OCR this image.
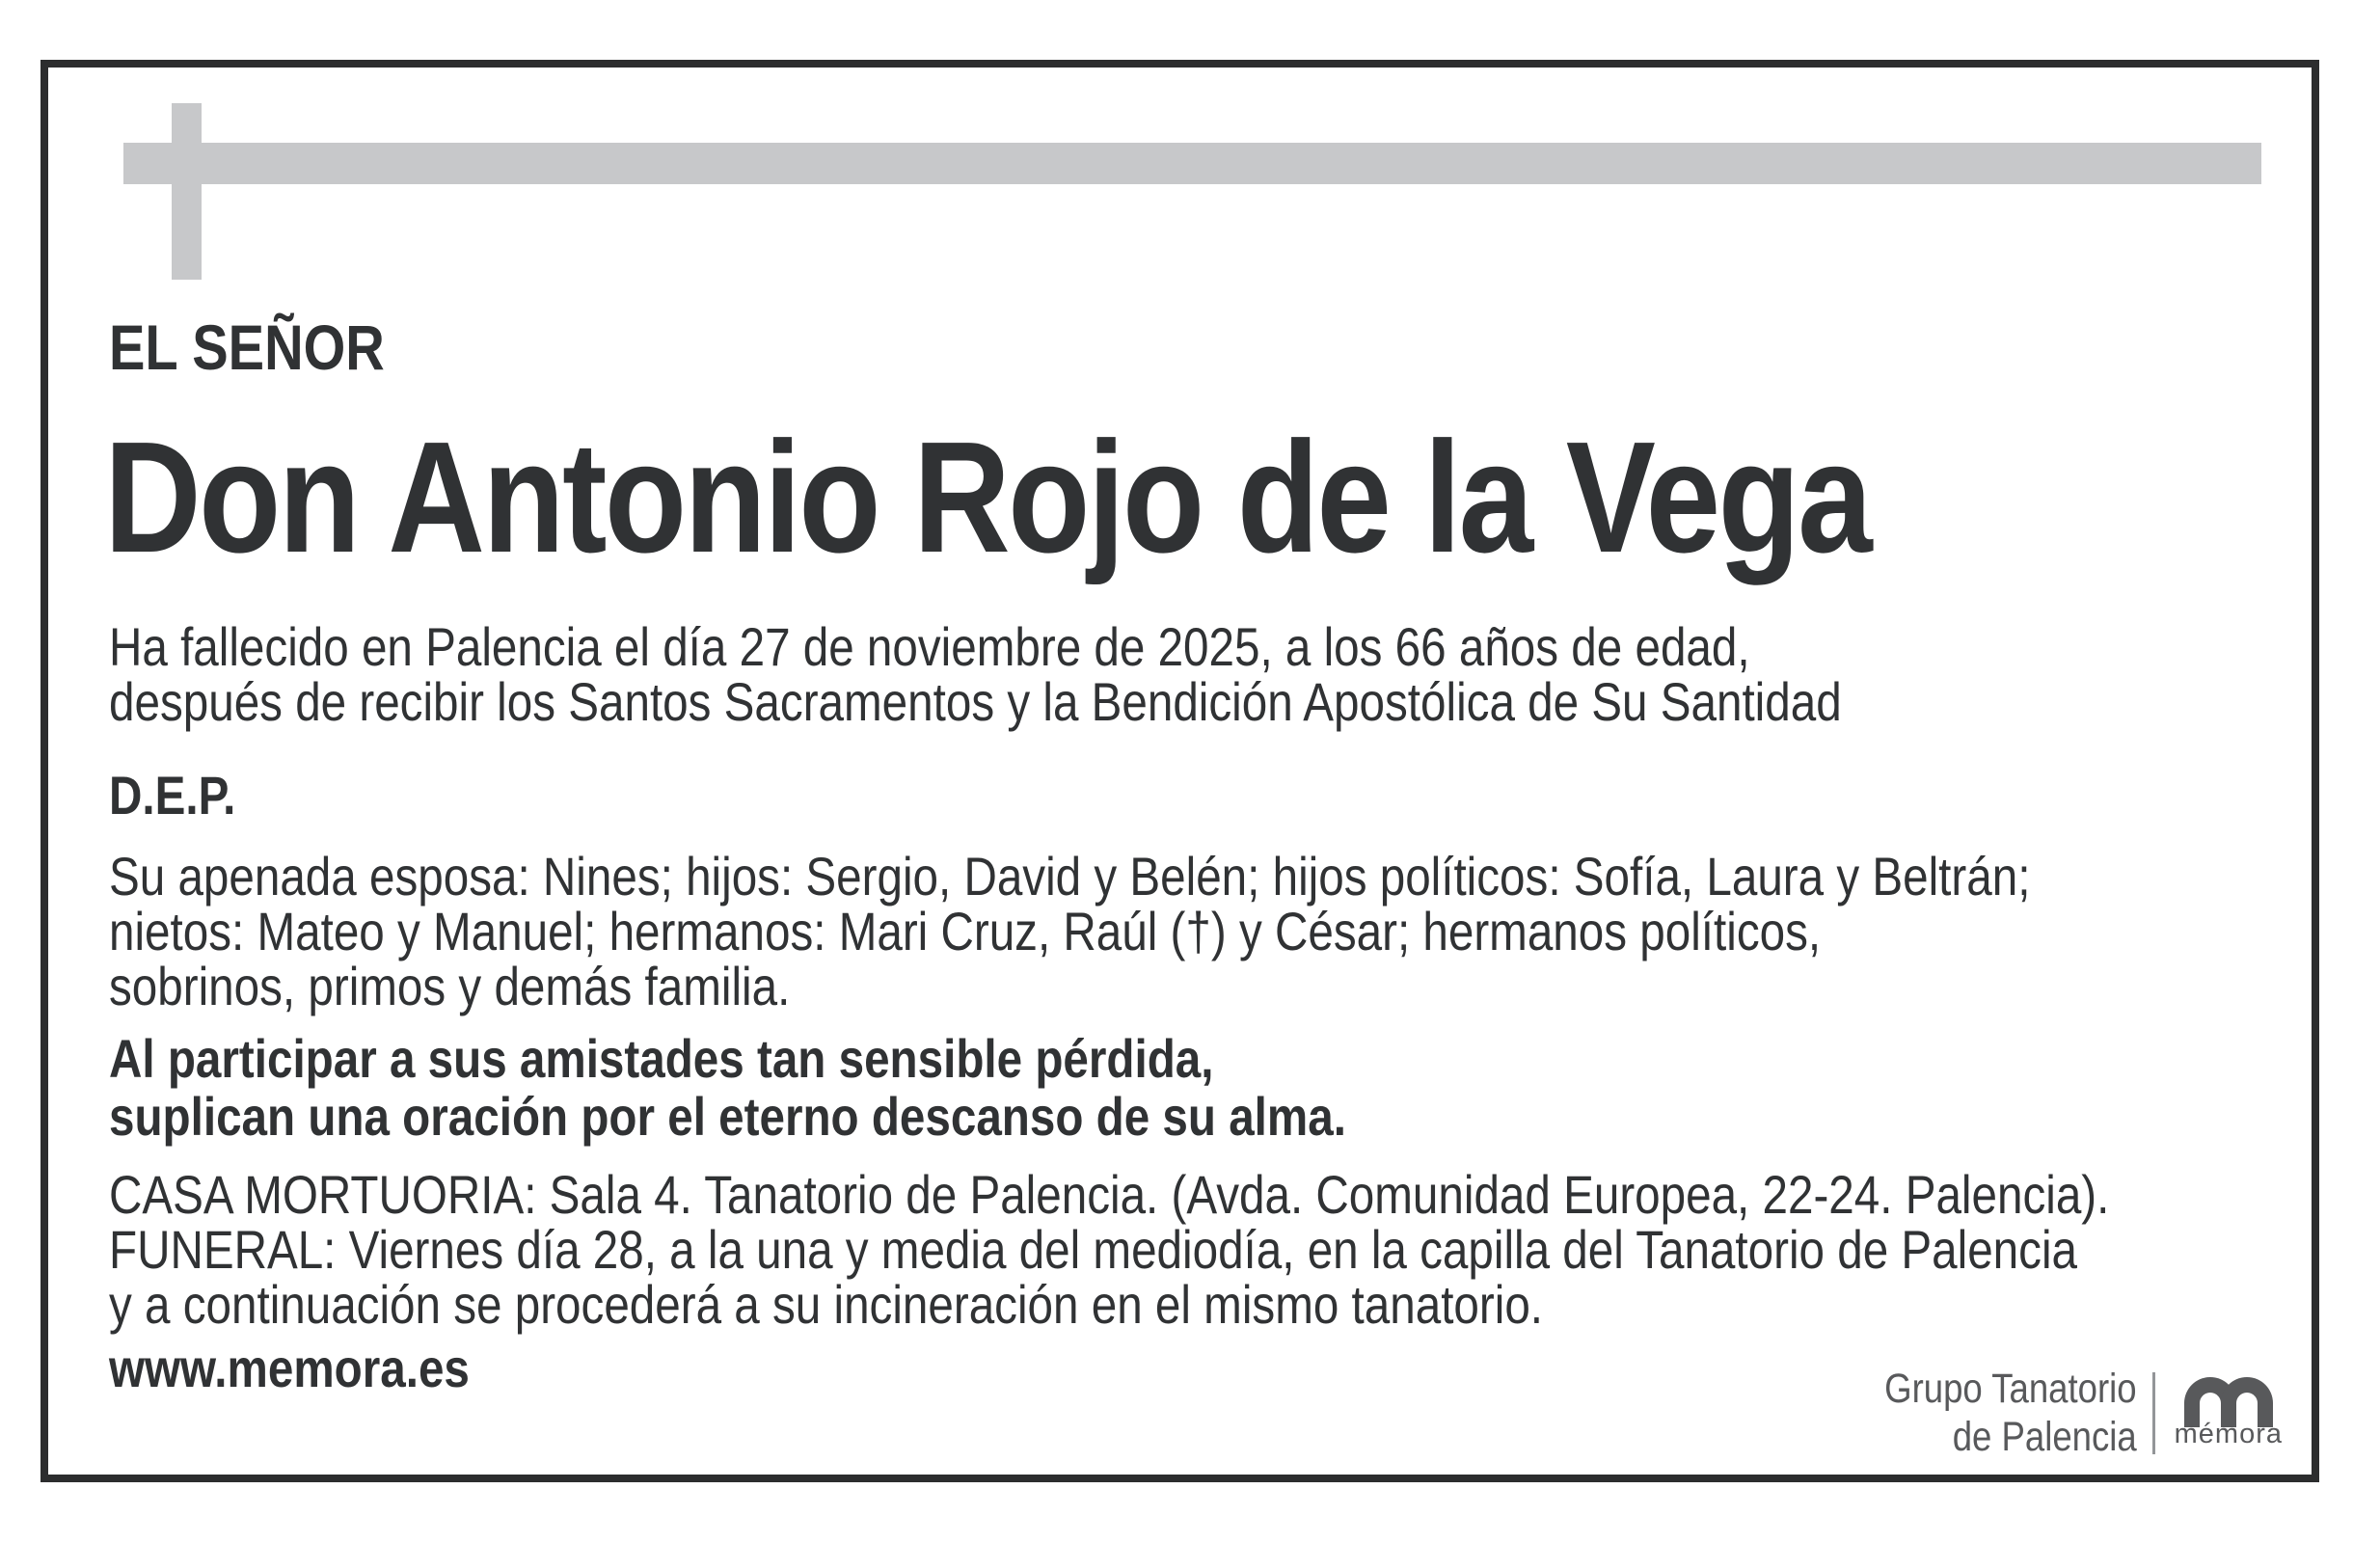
EL SEÑOR
Don Antonio Rojo de la Vega
Ha fallecido en Palencia el día 27 de noviembre de 2025, a los 66 años de edad,
después de recibir los Santos Sacramentos y la Bendición Apostólica de Su Santidad
D.E.P.
Su apenada esposa: Nines; hijos: Sergio, David y Belén; hijos políticos: Sofía, Laura y Beltrán;
nietos: Mateo y Manuel; hermanos: Mari Cruz, Raúl (†) y César; hermanos políticos,
sobrinos, primos y demás familia.
Al participar a sus amistades tan sensible pérdida,
suplican una oración por el eterno descanso de su alma.
CASA MORTUORIA: Sala 4. Tanatorio de Palencia. (Avda. Comunidad Europea, 22-24. Palencia).
FUNERAL: Viernes día 28, a la una y media del mediodía, en la capilla del Tanatorio de Palencia
y a continuación se procederá a su incineración en el mismo tanatorio.
www.memora.es	Grupo Tanatorio
de Palencia mémora
